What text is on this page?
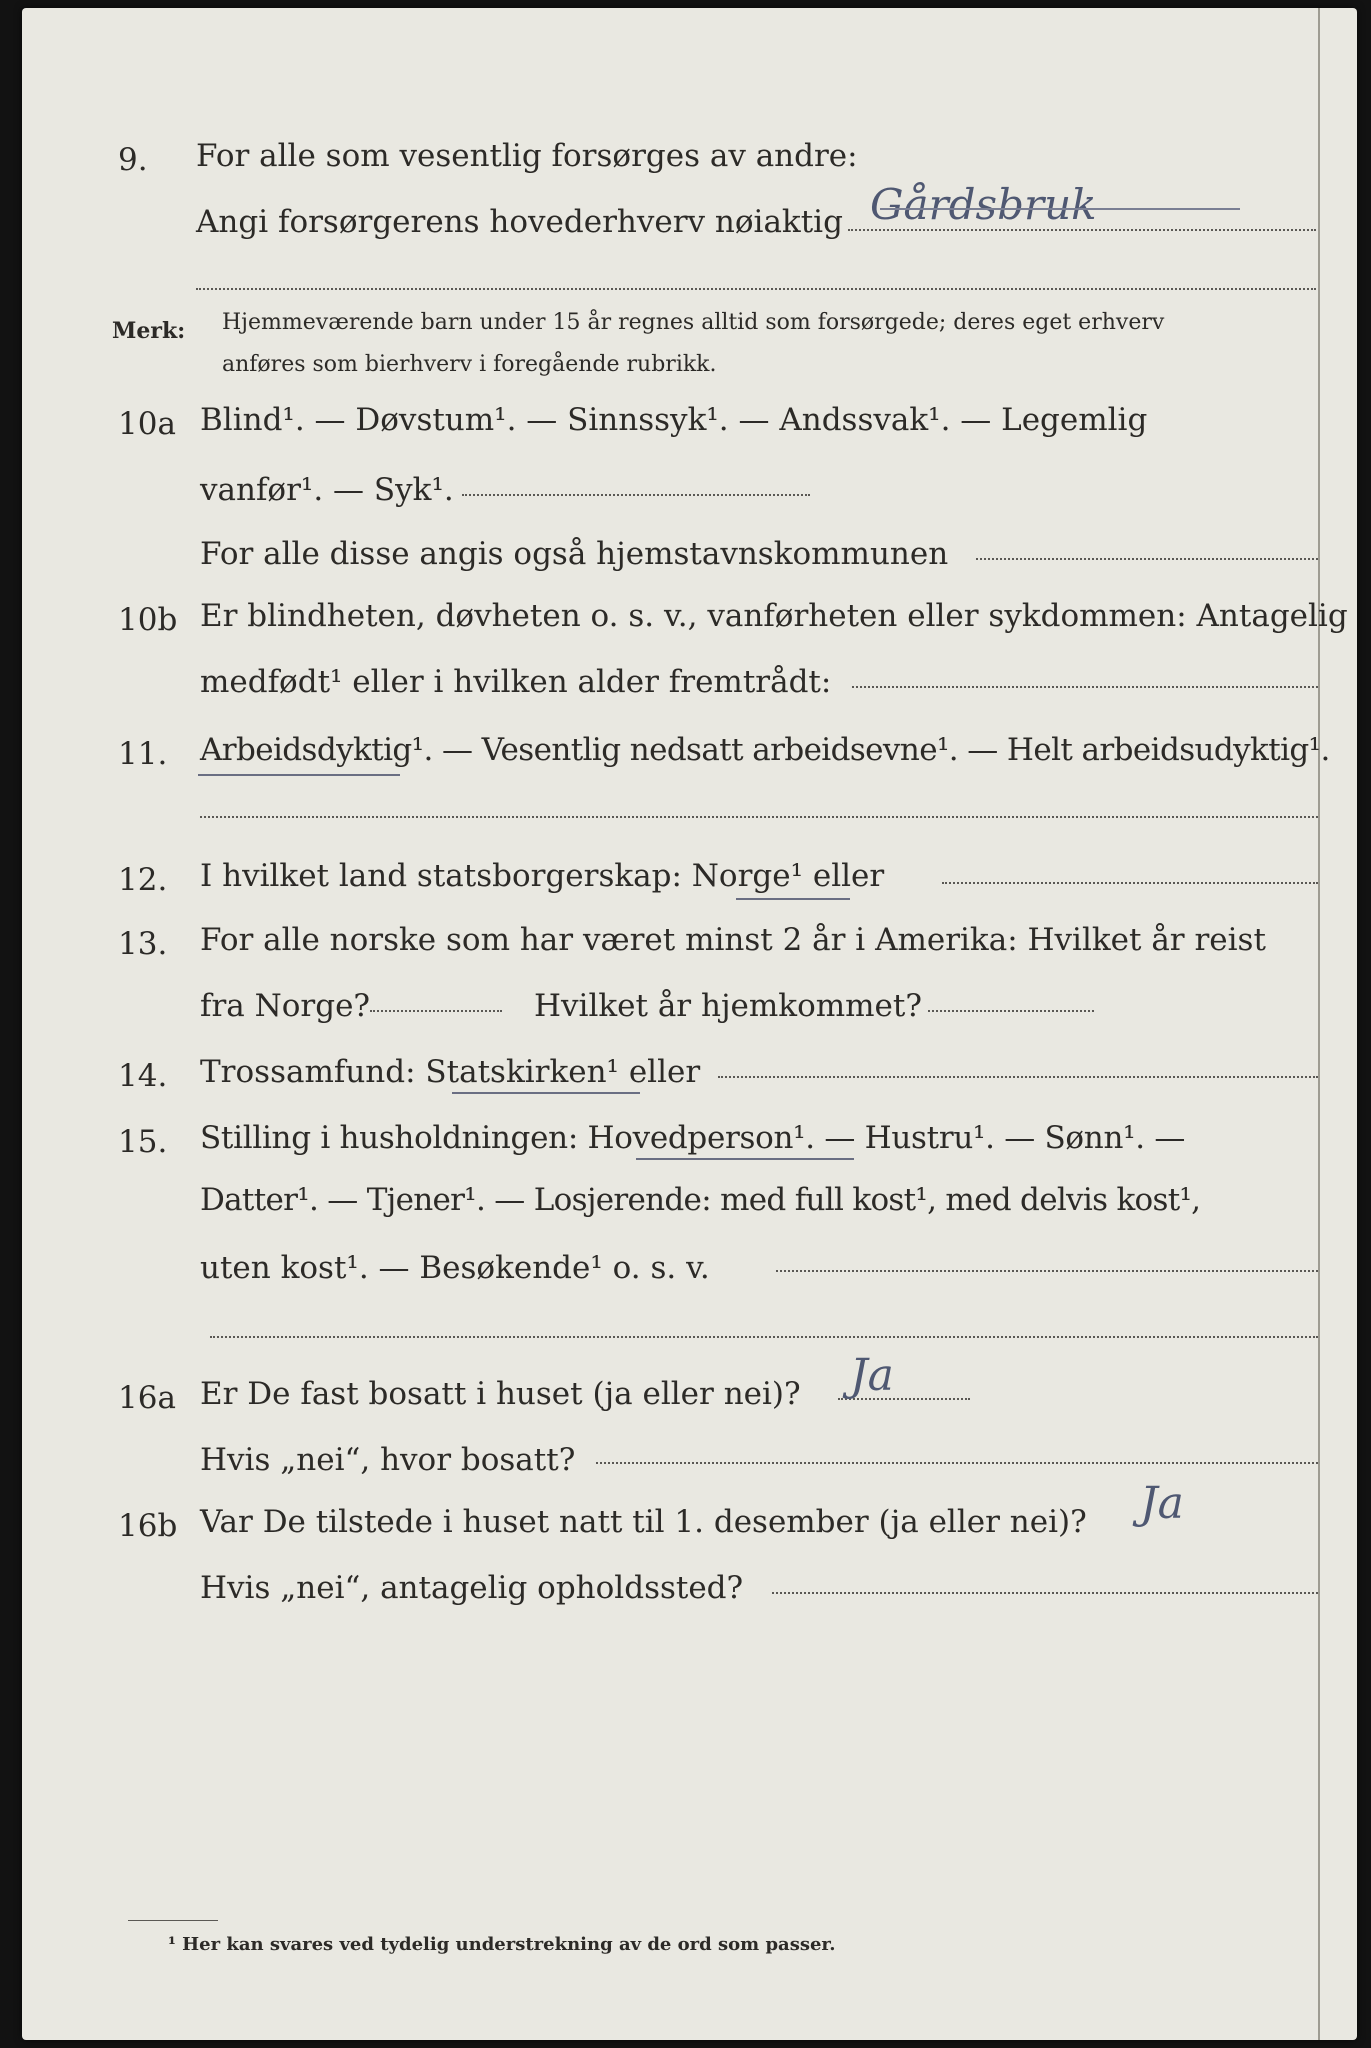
9. For alle som vesentlig forsørges av andre:
Angi forsørgerens hovederhverv nøiaktig Gårdsbruk
Merk: Hjemmeværende barn under 15 år regnes alltid som forsørgede; deres eget erhverv
anføres som bierhverv i foregående rubrikk.
10a Blind¹. — Døvstum¹. — Sinnssyk¹. — Andssvak¹. — Legemlig
vanfør¹. — Syk¹.
For alle disse angis også hjemstavnskommunen
10b Er blindheten, døvheten o. s. v., vanførheten eller sykdommen: Antagelig
medfødt¹ eller i hvilken alder fremtrådt:
11. Arbeidsdyktig¹. — Vesentlig nedsatt arbeidsevne¹. — Helt arbeidsudyktig¹.
12. I hvilket land statsborgerskap: Norge¹ eller
13. For alle norske som har været minst 2 år i Amerika: Hvilket år reist
fra Norge?	Hvilket år hjemkommet?
14. Trossamfund: Statskirken¹ eller
15. Stilling i husholdningen: Hovedperson¹. — Hustru¹. — Sønn¹. —
Datter¹. — Tjener¹. — Losjerende: med full kost¹, med delvis kost¹,
uten kost¹. — Besøkende¹ o. s. v.
16a Er De fast bosatt i huset (ja eller nei)? Ja
Hvis „nei“, hvor bosatt?
16b Var De tilstede i huset natt til 1. desember (ja eller nei)? Ja
Hvis „nei“, antagelig opholdssted?
¹ Her kan svares ved tydelig understrekning av de ord som passer.
